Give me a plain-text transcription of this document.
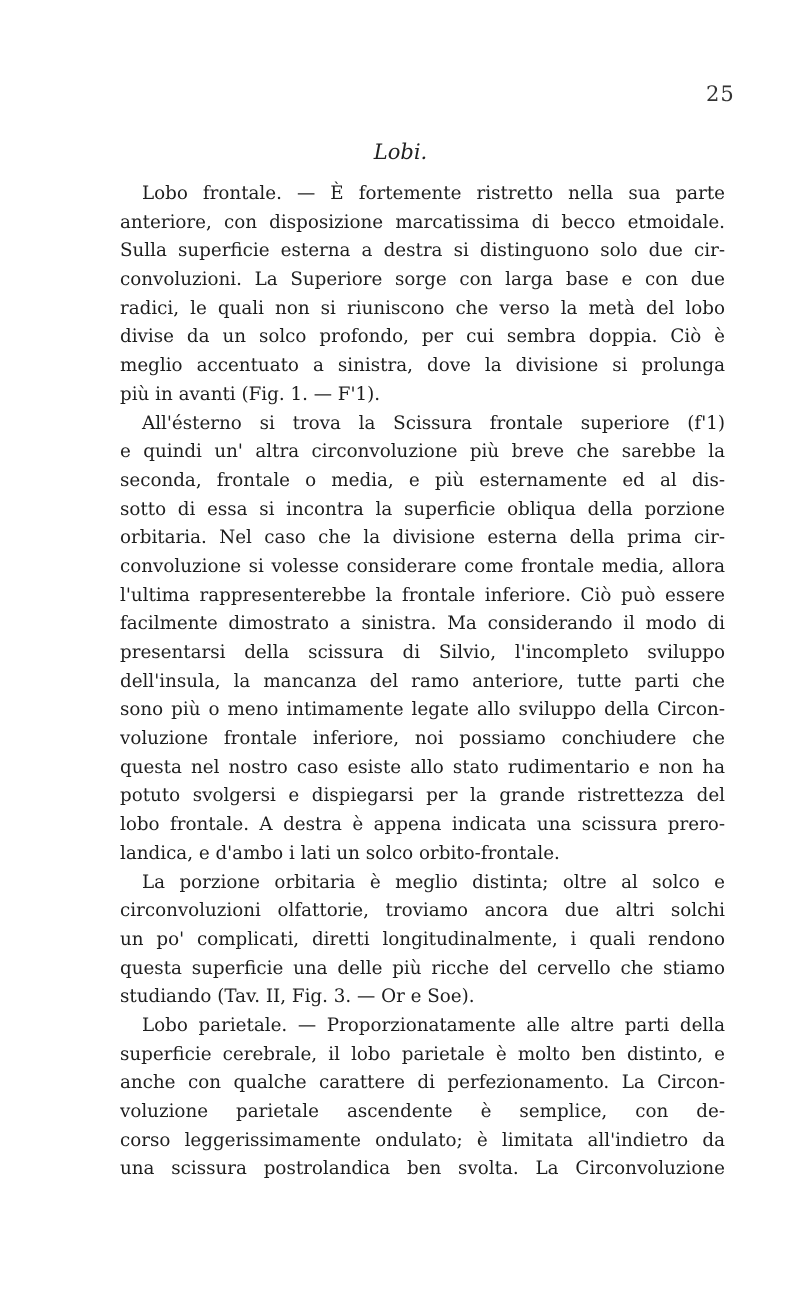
25
Lobi.
Lobo frontale. — È fortemente ristretto nella sua parte
anteriore, con disposizione marcatissima di becco etmoidale.
Sulla superficie esterna a destra si distinguono solo due cir-
convoluzioni. La Superiore sorge con larga base e con due
radici, le quali non si riuniscono che verso la metà del lobo
divise da un solco profondo, per cui sembra doppia. Ciò è
meglio accentuato a sinistra, dove la divisione si prolunga
più in avanti (Fig. 1. — F'1).
All'ésterno si trova la Scissura frontale superiore (f'1)
e quindi un' altra circonvoluzione più breve che sarebbe la
seconda, frontale o media, e più esternamente ed al dis-
sotto di essa si incontra la superficie obliqua della porzione
orbitaria. Nel caso che la divisione esterna della prima cir-
convoluzione si volesse considerare come frontale media, allora
l'ultima rappresenterebbe la frontale inferiore. Ciò può essere
facilmente dimostrato a sinistra. Ma considerando il modo di
presentarsi della scissura di Silvio, l'incompleto sviluppo
dell'insula, la mancanza del ramo anteriore, tutte parti che
sono più o meno intimamente legate allo sviluppo della Circon-
voluzione frontale inferiore, noi possiamo conchiudere che
questa nel nostro caso esiste allo stato rudimentario e non ha
potuto svolgersi e dispiegarsi per la grande ristrettezza del
lobo frontale. A destra è appena indicata una scissura prero-
landica, e d'ambo i lati un solco orbito-frontale.
La porzione orbitaria è meglio distinta; oltre al solco e
circonvoluzioni olfattorie, troviamo ancora due altri solchi
un po' complicati, diretti longitudinalmente, i quali rendono
questa superficie una delle più ricche del cervello che stiamo
studiando (Tav. II, Fig. 3. — Or e Soe).
Lobo parietale. — Proporzionatamente alle altre parti della
superficie cerebrale, il lobo parietale è molto ben distinto, e
anche con qualche carattere di perfezionamento. La Circon-
voluzione parietale ascendente è semplice, con de-
corso leggerissimamente ondulato; è limitata all'indietro da
una scissura postrolandica ben svolta. La Circonvoluzione
